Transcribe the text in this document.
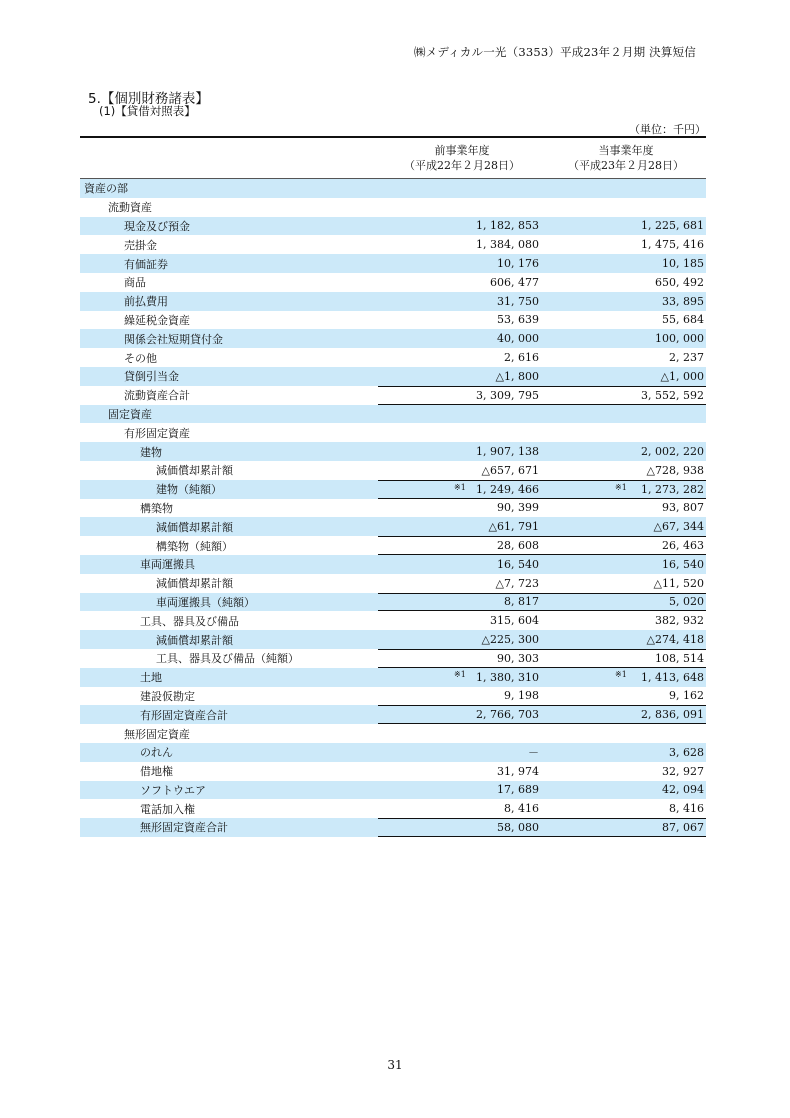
㈱メディカル一光（3353）平成23年２月期 決算短信
5.【個別財務諸表】
(1)【貸借対照表】
（単位：千円）
前事業年度
（平成22年２月28日）
当事業年度
（平成23年２月28日）
資産の部
流動資産
現金及び預金	1, 182, 853	1, 225, 681
売掛金	1, 384, 080	1, 475, 416
有価証券	10, 176	10, 185
商品	606, 477	650, 492
前払費用	31, 750	33, 895
繰延税金資産	53, 639	55, 684
関係会社短期貸付金	40, 000	100, 000
その他	2, 616	2, 237
貸倒引当金	△1, 800	△1, 000
流動資産合計	3, 309, 795	3, 552, 592
固定資産
有形固定資産
建物	1, 907, 138	2, 002, 220
減価償却累計額	△657, 671	△728, 938
建物（純額）	※1 1, 249, 466	※1 1, 273, 282
構築物	90, 399	93, 807
減価償却累計額	△61, 791	△67, 344
構築物（純額）	28, 608	26, 463
車両運搬具	16, 540	16, 540
減価償却累計額	△7, 723	△11, 520
車両運搬具（純額）	8, 817	5, 020
工具、器具及び備品	315, 604	382, 932
減価償却累計額	△225, 300	△274, 418
工具、器具及び備品（純額）	90, 303	108, 514
土地	※1 1, 380, 310	※1 1, 413, 648
建設仮勘定	9, 198	9, 162
有形固定資産合計	2, 766, 703	2, 836, 091
無形固定資産
のれん	－	3, 628
借地権	31, 974	32, 927
ソフトウエア	17, 689	42, 094
電話加入権	8, 416	8, 416
無形固定資産合計	58, 080	87, 067
31
